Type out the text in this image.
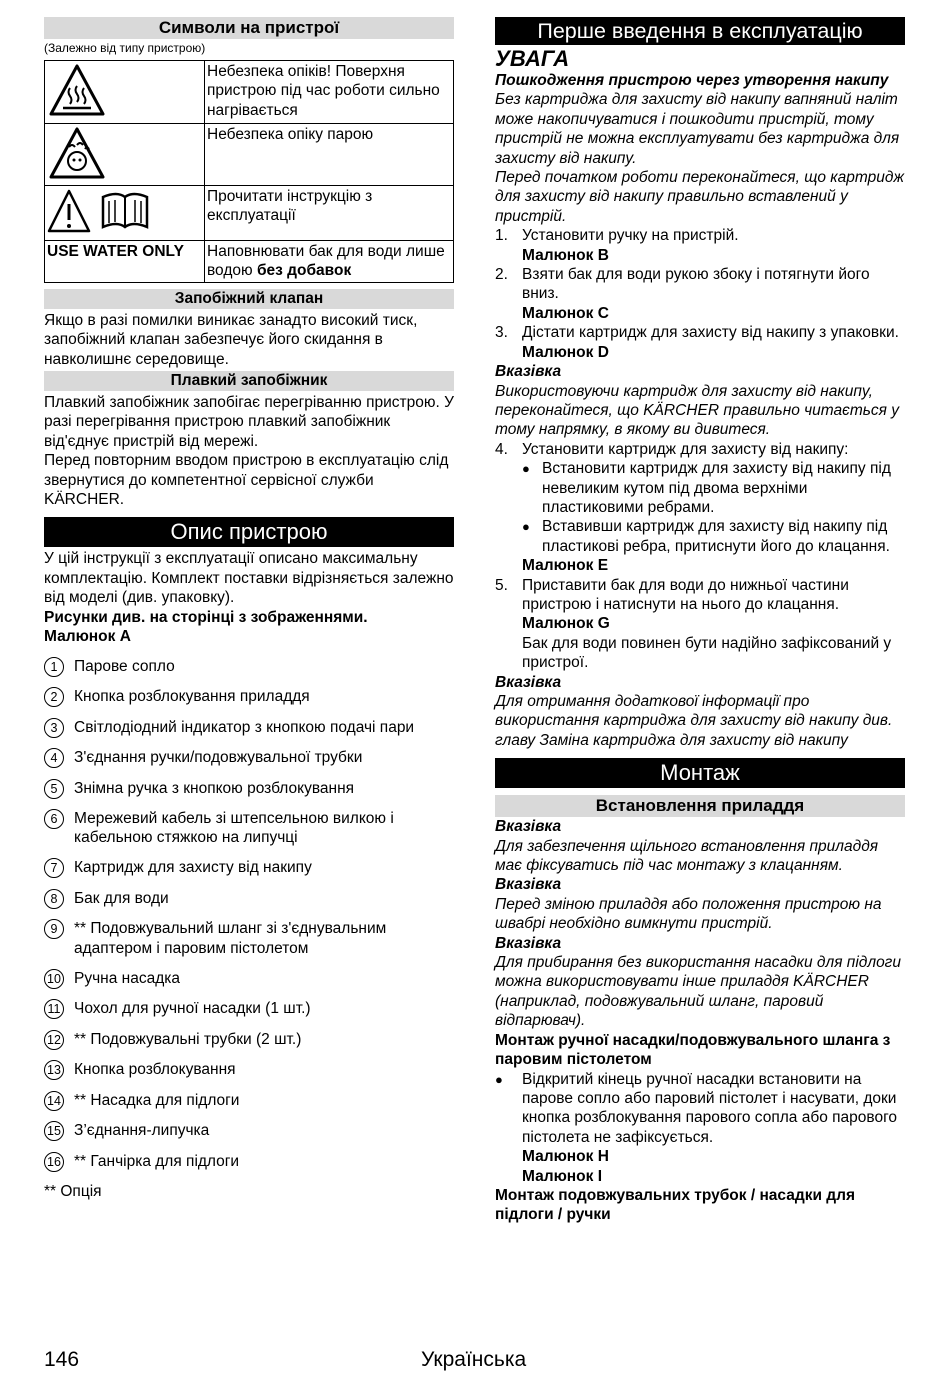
Символи на пристрої
(Залежно від типу пристрою)
	Небезпека опіків! Поверхня пристрою під час роботи сильно нагрівається

	Небезпека опіку парою

	Прочитати інструкцію з експлуатації
USE WATER ONLY	Наповнювати бак для води лише водою без добавок
Запобіжний клапан

Якщо в разі помилки виникає занадто високий тиск, запобіжний клапан забезпечує його скидання в навколишнє середовище.

Плавкий запобіжник

Плавкий запобіжник запобігає перегріванню пристрою. У разі перегрівання пристрою плавкий запобіжник від'єднує пристрій від мережі.

Перед повторним вводом пристрою в експлуатацію слід звернутися до компетентної сервісної служби KÄRCHER.

Опис пристрою

У цій інструкції з експлуатації описано максимальну комплектацію. Комплект поставки відрізняється залежно від моделі (див. упаковку).

Рисунки див. на сторінці з зображеннями.

Малюнок A

1	Парове сопло
2	Кнопка розблокування приладдя
3	Світлодіодний індикатор з кнопкою подачі пари
4	З'єднання ручки/подовжувальної трубки
5	Знімна ручка з кнопкою розблокування
6	Мережевий кабель зі штепсельною вилкою і кабельною стяжкою на липучці
7	Картридж для захисту від накипу
8	Бак для води
9	** Подовжувальний шланг зі з'єднувальним адаптером і паровим пістолетом
10 Ручна насадка
11 Чохол для ручної насадки (1 шт.)
12 ** Подовжувальні трубки (2 шт.)
13 Кнопка розблокування
14 ** Насадка для підлоги
15 З’єднання-липучка
16 ** Ганчірка для підлоги

** Опція

Перше введення в експлуатацію
УВАГА

Пошкодження пристрою через утворення накипу

Без картриджа для захисту від накипу вапняний наліт може накопичуватися і пошкодити пристрій, тому пристрій не можна експлуатувати без картриджа для захисту від накипу.

Перед початком роботи переконайтеся, що картридж для захисту від накипу правильно вставлений у пристрій.

1. Установити ручку на пристрій.

Малюнок B

2. Взяти бак для води рукою збоку і потягнути його вниз.

Малюнок C

3. Дістати картридж для захисту від накипу з упаковки.

Малюнок D

Вказівка

Використовуючи картридж для захисту від накипу, переконайтеся, що KÄRCHER правильно читається у тому напрямку, в якому ви дивитеся.

4. Установити картридж для захисту від накипу:
● Встановити картридж для захисту від накипу під невеликим кутом під двома верхніми пластиковими ребрами.
● Вставивши картридж для захисту від накипу під пластикові ребра, притиснути його до клацання.

Малюнок E

5. Приставити бак для води до нижньої частини пристрою і натиснути на нього до клацання.

Малюнок G

Бак для води повинен бути надійно зафіксований у пристрої.

Вказівка

Для отримання додаткової інформації про використання картриджа для захисту від накипу див. главу Заміна картриджа для захисту від накипу

Монтаж
Встановлення приладдя

Вказівка

Для забезпечення щільного встановлення приладдя має фіксуватись під час монтажу з клацанням.

Вказівка

Перед зміною приладдя або положення пристрою на швабрі необхідно вимкнути пристрій.

Вказівка

Для прибирання без використання насадки для підлоги можна використовувати інше приладдя KÄRCHER (наприклад, подовжувальний шланг, паровий відпарювач).

Монтаж ручної насадки/подовжувального шланга з паровим пістолетом

●	Відкритий кінець ручної насадки встановити на парове сопло або паровий пістолет і насувати, доки кнопка розблокування парового сопла або парового пістолета не зафіксується.

Малюнок H

Малюнок I

Монтаж подовжувальних трубок / насадки для підлоги / ручки

146	Українська
